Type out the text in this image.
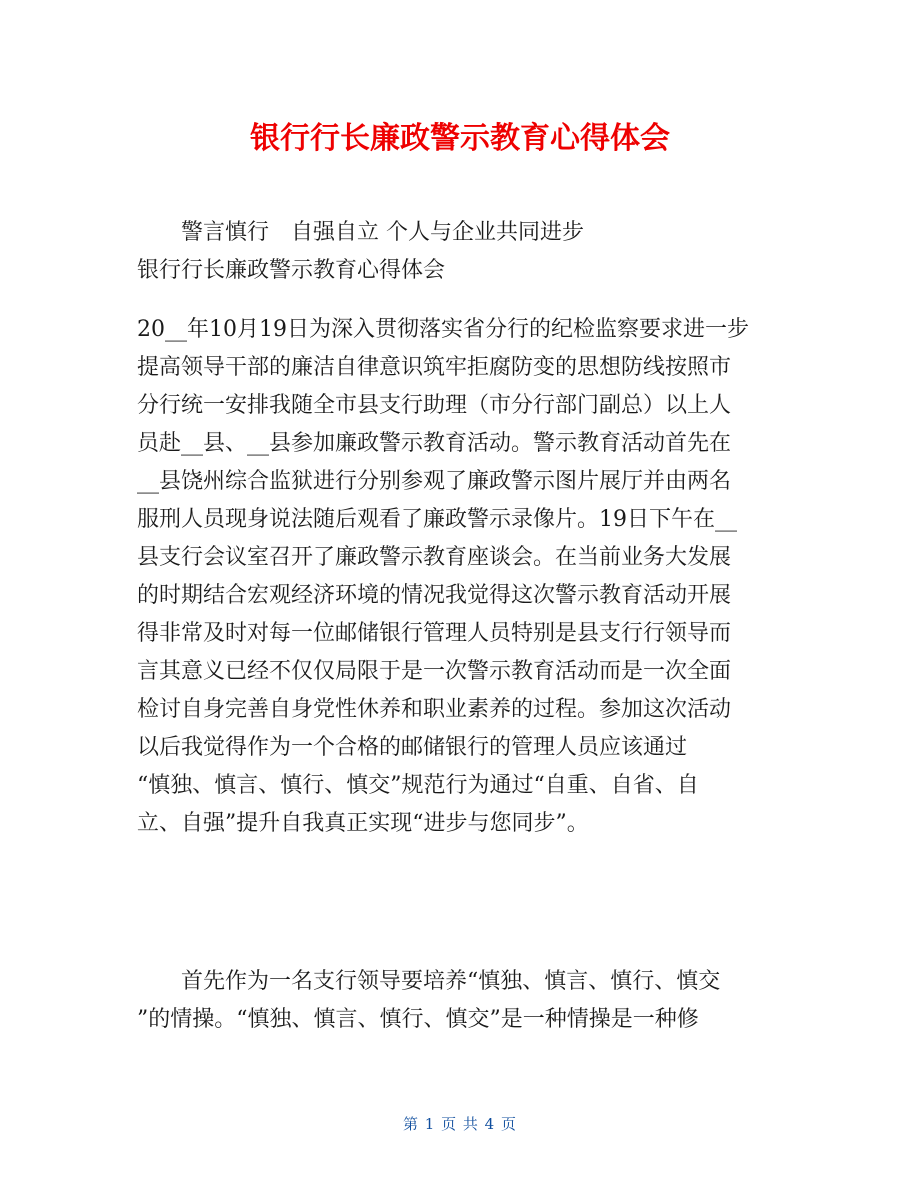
银行行长廉政警示教育心得体会
警言慎行　自强自立 个人与企业共同进步
银行行长廉政警示教育心得体会
20__年10月19日为深入贯彻落实省分行的纪检监察要求进一步
提高领导干部的廉洁自律意识筑牢拒腐防变的思想防线按照市
分行统一安排我随全市县支行助理（市分行部门副总）以上人
员赴__县、__县参加廉政警示教育活动。警示教育活动首先在
__县饶州综合监狱进行分别参观了廉政警示图片展厅并由两名
服刑人员现身说法随后观看了廉政警示录像片。19日下午在__
县支行会议室召开了廉政警示教育座谈会。在当前业务大发展
的时期结合宏观经济环境的情况我觉得这次警示教育活动开展
得非常及时对每一位邮储银行管理人员特别是县支行行领导而
言其意义已经不仅仅局限于是一次警示教育活动而是一次全面
检讨自身完善自身党性休养和职业素养的过程。参加这次活动
以后我觉得作为一个合格的邮储银行的管理人员应该通过
“慎独、慎言、慎行、慎交”规范行为通过“自重、自省、自
立、自强”提升自我真正实现“进步与您同步”。
首先作为一名支行领导要培养“慎独、慎言、慎行、慎交
”的情操。“慎独、慎言、慎行、慎交”是一种情操是一种修
第 1 页 共 4 页
